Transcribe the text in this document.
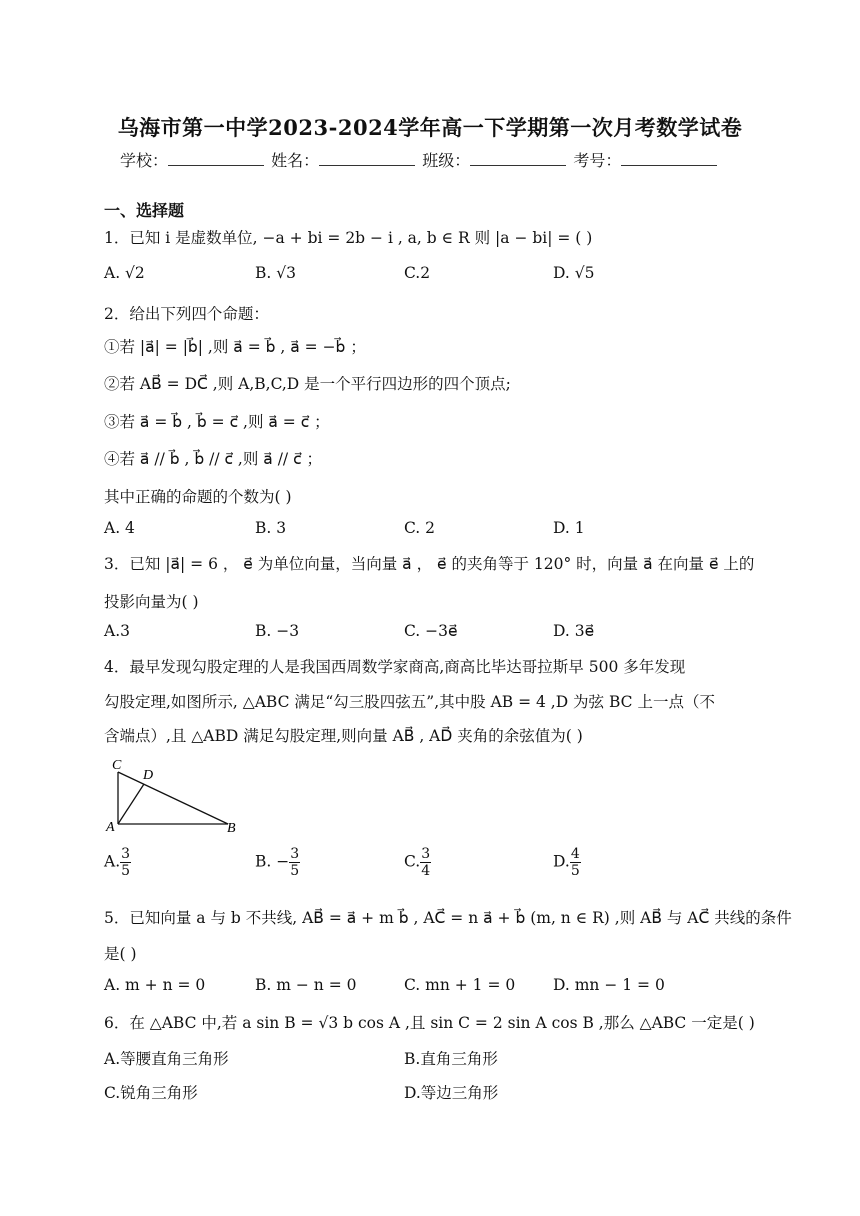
乌海市第一中学2023-2024学年高一下学期第一次月考数学试卷
学校：	姓名：	班级：	考号：
一、选择题
1．已知 i 是虚数单位, −a + bi = 2b − i , a, b ∈ R 则 |a − bi| = ( )
A. √2	B. √3	C.2	D. √5
2．给出下列四个命题：
①若 |a⃗| = |b⃗| ,则 a⃗ = b⃗ , a⃗ = −b⃗ ；
②若 AB⃗ = DC⃗ ,则 A,B,C,D 是一个平行四边形的四个顶点;
③若 a⃗ = b⃗ , b⃗ = c⃗ ,则 a⃗ = c⃗ ；
④若 a⃗ // b⃗ , b⃗ // c⃗ ,则 a⃗ // c⃗ ；
其中正确的命题的个数为( )
A. 4	B. 3	C. 2	D. 1
3．已知 |a⃗| = 6 ， e⃗ 为单位向量，当向量 a⃗ ， e⃗ 的夹角等于 120° 时，向量 a⃗ 在向量 e⃗ 上的
投影向量为( )
A.3	B. −3	C. −3e⃗	D. 3e⃗
4．最早发现勾股定理的人是我国西周数学家商高,商高比毕达哥拉斯早 500 多年发现
勾股定理,如图所示, △ABC 满足“勾三股四弦五”,其中股 AB = 4 ,D 为弦 BC 上一点（不
含端点）,且 △ABD 满足勾股定理,则向量 AB⃗ , AD⃗ 夹角的余弦值为( )
C
D
A	B
A. $\frac{3}{5}$	B. − $\frac{3}{5}$	C. $\frac{3}{4}$	D. $\frac{4}{5}$
5．已知向量 a 与 b 不共线, AB⃗ = a⃗ + m b⃗ , AC⃗ = n a⃗ + b⃗ (m, n ∈ R) ,则 AB⃗ 与 AC⃗ 共线的条件
是( )
A. m + n = 0	B. m − n = 0	C. mn + 1 = 0 D. mn − 1 = 0
6．在 △ABC 中,若 a sin B = √3 b cos A ,且 sin C = 2 sin A cos B ,那么 △ABC 一定是( )
A.等腰直角三角形	B.直角三角形
C.锐角三角形	D.等边三角形
